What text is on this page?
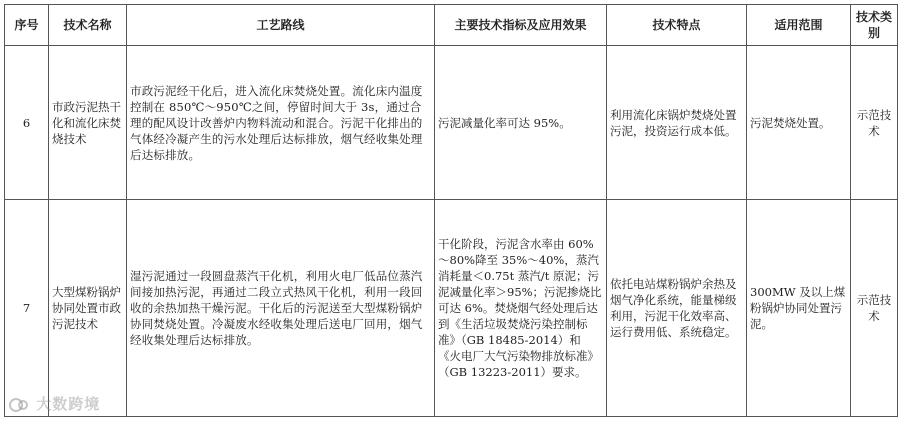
序号	技术名称	工艺路线	主要技术指标及应用效果	技术特点	适用范围	技术类别
6	市政污泥热干化和流化床焚烧技术	市政污泥经干化后，进入流化床焚烧处置。流化床内温度控制在 850℃～950℃之间，停留时间大于 3s，通过合理的配风设计改善炉内物料流动和混合。污泥干化排出的气体经冷凝产生的污水处理后达标排放，烟气经收集处理后达标排放。	污泥减量化率可达 95%。	利用流化床锅炉焚烧处置污泥，投资运行成本低。	污泥焚烧处置。	示范技术
7	大型煤粉锅炉协同处置市政污泥技术	湿污泥通过一段圆盘蒸汽干化机，利用火电厂低品位蒸汽间接加热污泥，再通过二段立式热风干化机，利用一段回收的余热加热干燥污泥。干化后的污泥送至大型煤粉锅炉协同焚烧处置。冷凝废水经收集处理后送电厂回用，烟气经收集处理后达标排放。	干化阶段，污泥含水率由 60%～80%降至 35%～40%，蒸汽消耗量＜0.75t 蒸汽/t 原泥；污泥减量化率＞95%；污泥掺烧比可达 6%。焚烧烟气经处理后达到《生活垃圾焚烧污染控制标准》（GB 18485-2014）和《火电厂大气污染物排放标准》（GB 13223-2011）要求。	依托电站煤粉锅炉余热及烟气净化系统，能量梯级利用，污泥干化效率高、运行费用低、系统稳定。	300MW 及以上煤粉锅炉协同处置污泥。	示范技术
大数跨境
